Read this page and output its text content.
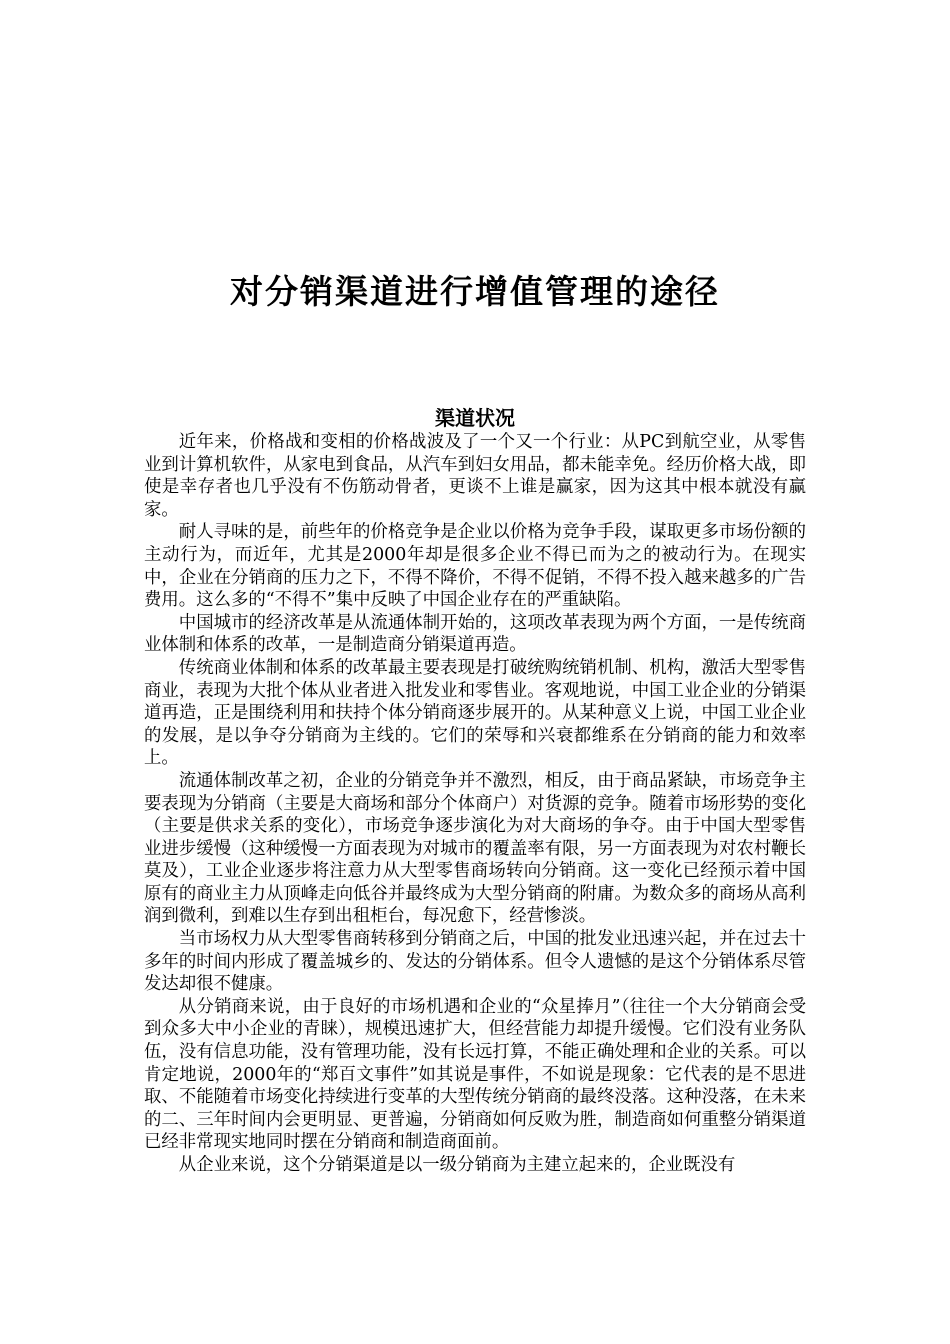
对分销渠道进行增值管理的途径
渠道状况

近年来，价格战和变相的价格战波及了一个又一个行业：从PC到航空业，从零售业到计算机软件，从家电到食品，从汽车到妇女用品，都未能幸免。经历价格大战，即使是幸存者也几乎没有不伤筋动骨者，更谈不上谁是赢家，因为这其中根本就没有赢家。

耐人寻味的是，前些年的价格竞争是企业以价格为竞争手段，谋取更多市场份额的主动行为，而近年，尤其是2000年却是很多企业不得已而为之的被动行为。在现实中，企业在分销商的压力之下，不得不降价，不得不促销，不得不投入越来越多的广告费用。这么多的“不得不”集中反映了中国企业存在的严重缺陷。

中国城市的经济改革是从流通体制开始的，这项改革表现为两个方面，一是传统商业体制和体系的改革，一是制造商分销渠道再造。

传统商业体制和体系的改革最主要表现是打破统购统销机制、机构，激活大型零售商业，表现为大批个体从业者进入批发业和零售业。客观地说，中国工业企业的分销渠道再造，正是围绕利用和扶持个体分销商逐步展开的。从某种意义上说，中国工业企业的发展，是以争夺分销商为主线的。它们的荣辱和兴衰都维系在分销商的能力和效率上。

流通体制改革之初，企业的分销竞争并不激烈，相反，由于商品紧缺，市场竞争主要表现为分销商（主要是大商场和部分个体商户）对货源的竞争。随着市场形势的变化（主要是供求关系的变化），市场竞争逐步演化为对大商场的争夺。由于中国大型零售业进步缓慢（这种缓慢一方面表现为对城市的覆盖率有限，另一方面表现为对农村鞭长莫及），工业企业逐步将注意力从大型零售商场转向分销商。这一变化已经预示着中国原有的商业主力从顶峰走向低谷并最终成为大型分销商的附庸。为数众多的商场从高利润到微利，到难以生存到出租柜台，每况愈下，经营惨淡。

当市场权力从大型零售商转移到分销商之后，中国的批发业迅速兴起，并在过去十多年的时间内形成了覆盖城乡的、发达的分销体系。但令人遗憾的是这个分销体系尽管发达却很不健康。

从分销商来说，由于良好的市场机遇和企业的“众星捧月”（往往一个大分销商会受到众多大中小企业的青睐），规模迅速扩大，但经营能力却提升缓慢。它们没有业务队伍，没有信息功能，没有管理功能，没有长远打算，不能正确处理和企业的关系。可以肯定地说，2000年的“郑百文事件”如其说是事件，不如说是现象：它代表的是不思进取、不能随着市场变化持续进行变革的大型传统分销商的最终没落。这种没落，在未来的二、三年时间内会更明显、更普遍，分销商如何反败为胜，制造商如何重整分销渠道已经非常现实地同时摆在分销商和制造商面前。

从企业来说，这个分销渠道是以一级分销商为主建立起来的，企业既没有
